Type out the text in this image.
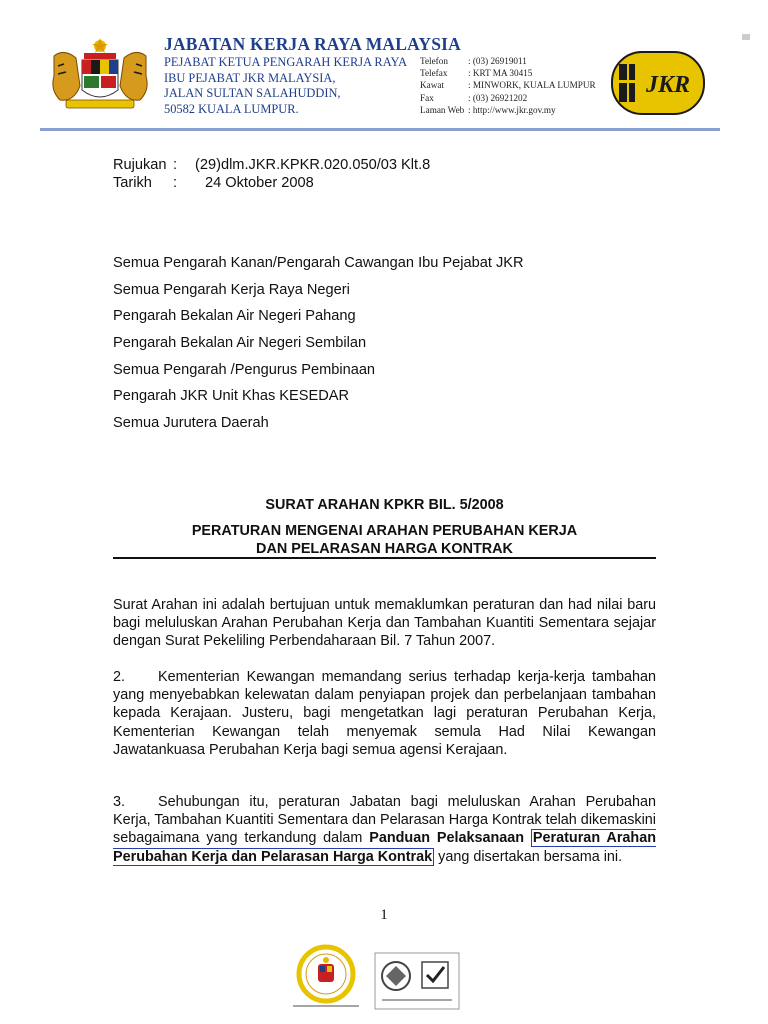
JABATAN KERJA RAYA MALAYSIA
PEJABAT KETUA PENGARAH KERJA RAYA
IBU PEJABAT JKR MALAYSIA,
JALAN SULTAN SALAHUDDIN,
50582 KUALA LUMPUR.
Telefon	: (03) 26919011
Telefax	: KRT MA 30415
Kawat	: MINWORK, KUALA LUMPUR
Fax	: (03) 26921202
Laman Web : http://www.jkr.gov.my
JKR
Rujukan :	(29)dlm.JKR.KPKR.020.050/03 Klt.8
Tarikh	:	24 Oktober 2008
Semua Pengarah Kanan/Pengarah Cawangan Ibu Pejabat JKR
Semua Pengarah Kerja Raya Negeri
Pengarah Bekalan Air Negeri Pahang
Pengarah Bekalan Air Negeri Sembilan
Semua Pengarah /Pengurus Pembinaan
Pengarah JKR Unit Khas KESEDAR
Semua Jurutera Daerah
SURAT ARAHAN KPKR BIL. 5/2008
PERATURAN MENGENAI ARAHAN PERUBAHAN KERJA
DAN PELARASAN HARGA KONTRAK
Surat Arahan ini adalah bertujuan untuk memaklumkan peraturan dan had nilai baru bagi meluluskan Arahan Perubahan Kerja dan Tambahan Kuantiti Sementara sejajar dengan Surat Pekeliling Perbendaharaan Bil. 7 Tahun 2007.
2. Kementerian Kewangan memandang serius terhadap kerja-kerja tambahan yang menyebabkan kelewatan dalam penyiapan projek dan perbelanjaan tambahan kepada Kerajaan. Justeru, bagi mengetatkan lagi peraturan Perubahan Kerja, Kementerian Kewangan telah menyemak semula Had Nilai Kewangan Jawatankuasa Perubahan Kerja bagi semua agensi Kerajaan.
3. Sehubungan itu, peraturan Jabatan bagi meluluskan Arahan Perubahan Kerja, Tambahan Kuantiti Sementara dan Pelarasan Harga Kontrak telah dikemaskini sebagaimana yang terkandung dalam Panduan Pelaksanaan Peraturan Arahan Perubahan Kerja dan Pelarasan Harga Kontrak yang disertakan bersama ini.
1
